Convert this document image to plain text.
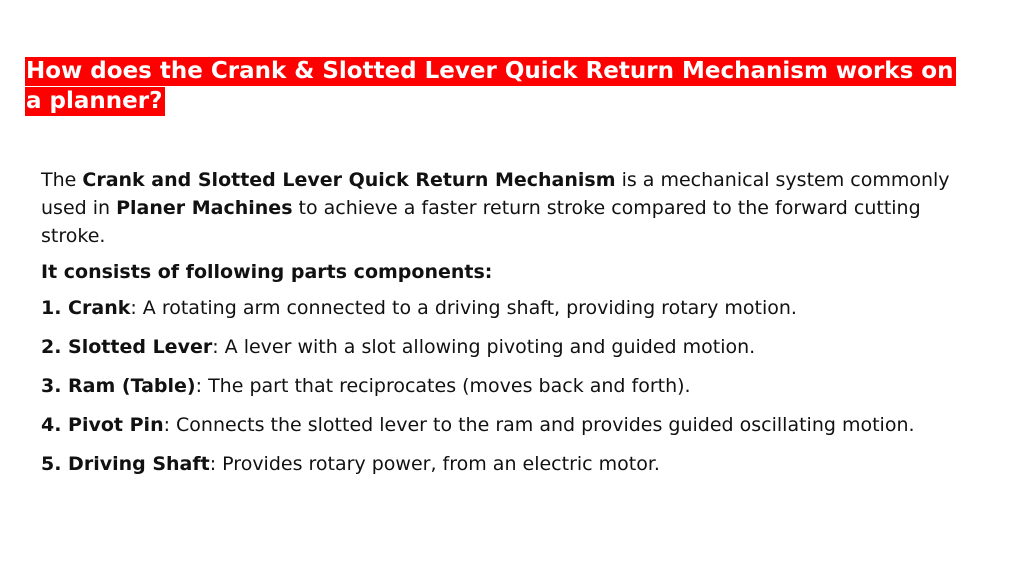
How does the Crank & Slotted Lever Quick Return Mechanism works on a planner?

The Crank and Slotted Lever Quick Return Mechanism is a mechanical system commonly used in Planer Machines to achieve a faster return stroke compared to the forward cutting stroke.

It consists of following parts components:

1. Crank: A rotating arm connected to a driving shaft, providing rotary motion.
2. Slotted Lever: A lever with a slot allowing pivoting and guided motion.
3. Ram (Table): The part that reciprocates (moves back and forth).
4. Pivot Pin: Connects the slotted lever to the ram and provides guided oscillating motion.
5. Driving Shaft: Provides rotary power, from an electric motor.
